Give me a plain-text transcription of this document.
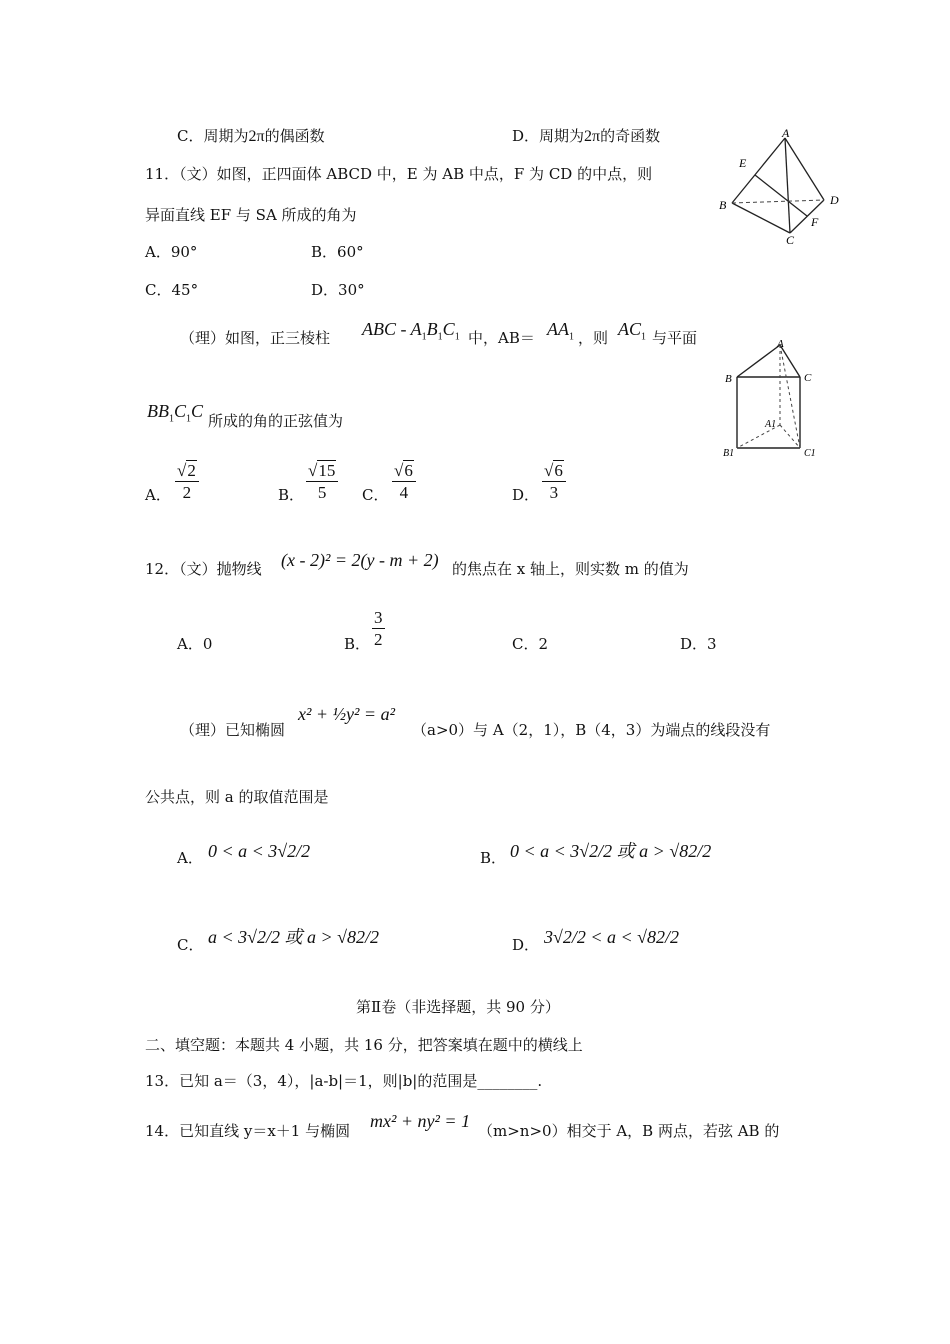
C．周期为2π的偶函数	D．周期为2π的奇函数	A
E
B	D
F
C
11．（文）如图，正四面体 ABCD 中，E 为 AB 中点，F 为 CD 的中点，则
异面直线 EF 与 SA 所成的角为
A．90°	B．60°
C．45°	D．30°
（理）如图，正三棱柱 ABC - $A_1B_1C_1$ 中，$AB= AA_1$ ，则 $AC_1$ 与平面
$BB_1C_1C$ 所成的角的正弦值为
A
B	C
A1
B1	C1
A． $\frac{√2}{2}$	B． $\frac{√15}{5}$ C． $\frac{√6}{4}$	D． $\frac{√6}{3}$
12．（文）抛物线 (x - 2)² = 2(y - m + 2) 的焦点在 x 轴上，则实数 m 的值为
A．0	B． $\frac{3}{2}$	C．2	D．3
（理）已知椭圆
x² + ½y² = a²
（a>0）与 A（2，1），B（4，3）为端点的线段没有
公共点，则 a 的取值范围是
A． 0 < a < 3√2/2	B． 0 < a < 3√2/2 或 a > √82/2
C． a < 3√2/2 或 a > √82/2	D． 3√2/2 < a < √82/2
第Ⅱ卷（非选择题，共 90 分）
二、填空题：本题共 4 小题，共 16 分，把答案填在题中的横线上
13．已知 a＝（3，4），|a-b|＝1，则|b|的范围是________.
14．已知直线 y＝x＋1 与椭圆 mx² + ny² = 1 （m>n>0）相交于 A，B 两点，若弦 AB 的
